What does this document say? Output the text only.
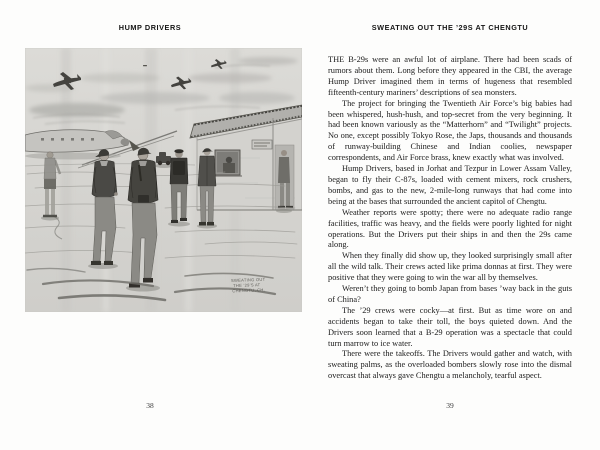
HUMP DRIVERS
SWEATING OUT THE ’29’S AT CHENGTU, CH.
38
SWEATING OUT THE ’29S AT CHENGTU

THE B-29s were an awful lot of airplane. There had been scads of rumors about them. Long before they appeared in the CBI, the average Hump Driver imagined them in terms of hugeness that resembled fifteenth-century mariners’ descriptions of sea monsters.

The project for bringing the Twentieth Air Force’s big babies had been whispered, hush-hush, and top-secret from the very beginning. It had been known variously as the “Matterhorn” and “Twilight” projects. No one, except possibly Tokyo Rose, the Japs, thousands and thousands of runway-building Chinese and Indian coolies, newspaper correspondents, and Air Force brass, knew exactly what was involved.

Hump Drivers, based in Jorhat and Tezpur in Lower Assam Valley, began to fly their C-87s, loaded with cement mixers, rock crushers, bombs, and gas to the new, 2-mile-long runways that had come into being at the bases that surrounded the ancient capitol of Chengtu.

Weather reports were spotty; there were no adequate radio range facilities, traffic was heavy, and the fields were poorly lighted for night operations. But the Drivers put their ships in and then the 29s came along.

When they finally did show up, they looked surprisingly small after all the wild talk. Their crews acted like prima donnas at first. They were positive that they were going to win the war all by themselves.

Weren’t they going to bomb Japan from bases ’way back in the guts of China?

The ’29 crews were cocky—at first. But as time wore on and accidents began to take their toll, the boys quieted down. And the Drivers soon learned that a B-29 operation was a spectacle that could turn marrow to ice water.

There were the takeoffs. The Drivers would gather and watch, with sweating palms, as the overloaded bombers slowly rose into the dismal overcast that always gave Chengtu a melancholy, tearful aspect.

39
